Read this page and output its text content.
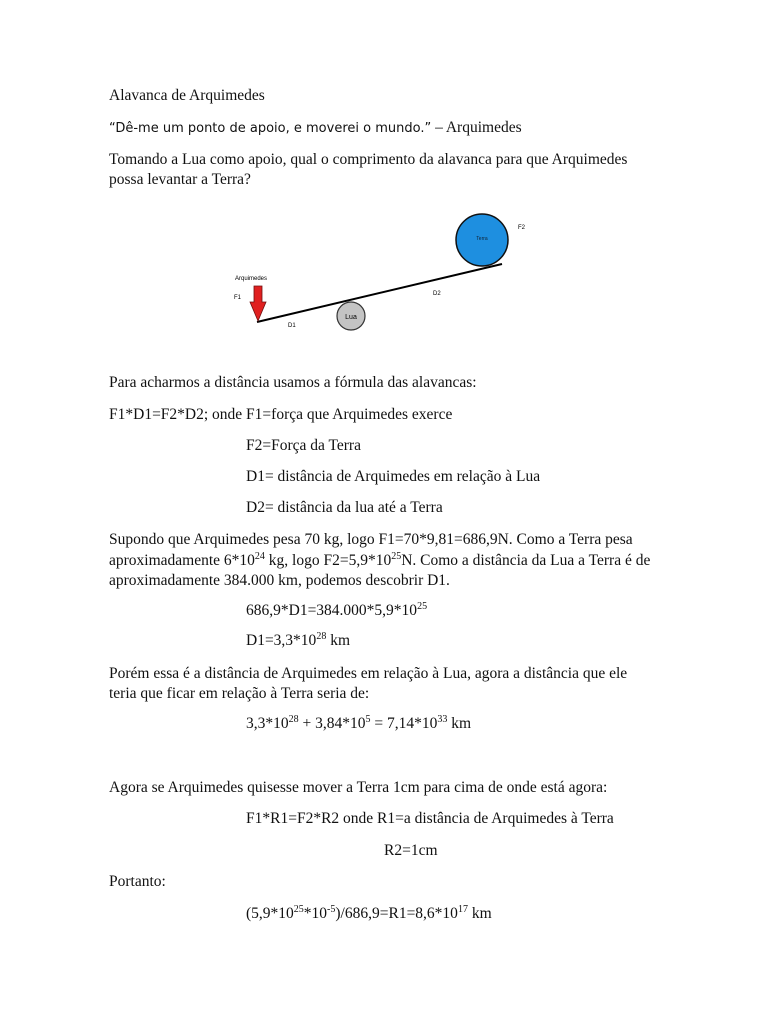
Alavanca de Arquimedes
“Dê-me um ponto de apoio, e moverei o mundo.” – Arquimedes
Tomando a Lua como apoio, qual o comprimento da alavanca para que Arquimedes
possa levantar a Terra?
Lua
Terra
F2
Arquimedes
F1
D1
D2
Para acharmos a distância usamos a fórmula das alavancas:
F1*D1=F2*D2; onde F1=força que Arquimedes exerce
F2=Força da Terra
D1= distância de Arquimedes em relação à Lua
D2= distância da lua até a Terra
Supondo que Arquimedes pesa 70 kg, logo F1=70*9,81=686,9N. Como a Terra pesa
aproximadamente $6*10^{24}$ kg, logo $F2=5,9*10^{25}N$. Como a distância da Lua a Terra é de
aproximadamente 384.000 km, podemos descobrir D1.
$686,9*D1=384.000*5,9*10^{25}$
$D1=3,3*10^{28}$ km
Porém essa é a distância de Arquimedes em relação à Lua, agora a distância que ele
teria que ficar em relação à Terra seria de:
$3,3*10^{28} + 3,84*10^5 = 7,14*10^{33}$ km
Agora se Arquimedes quisesse mover a Terra 1cm para cima de onde está agora:
F1*R1=F2*R2 onde R1=a distância de Arquimedes à Terra
R2=1cm
Portanto:
$(5,9*10^{25}*10^{-5})/686,9=R1=8,6*10^{17}$ km
